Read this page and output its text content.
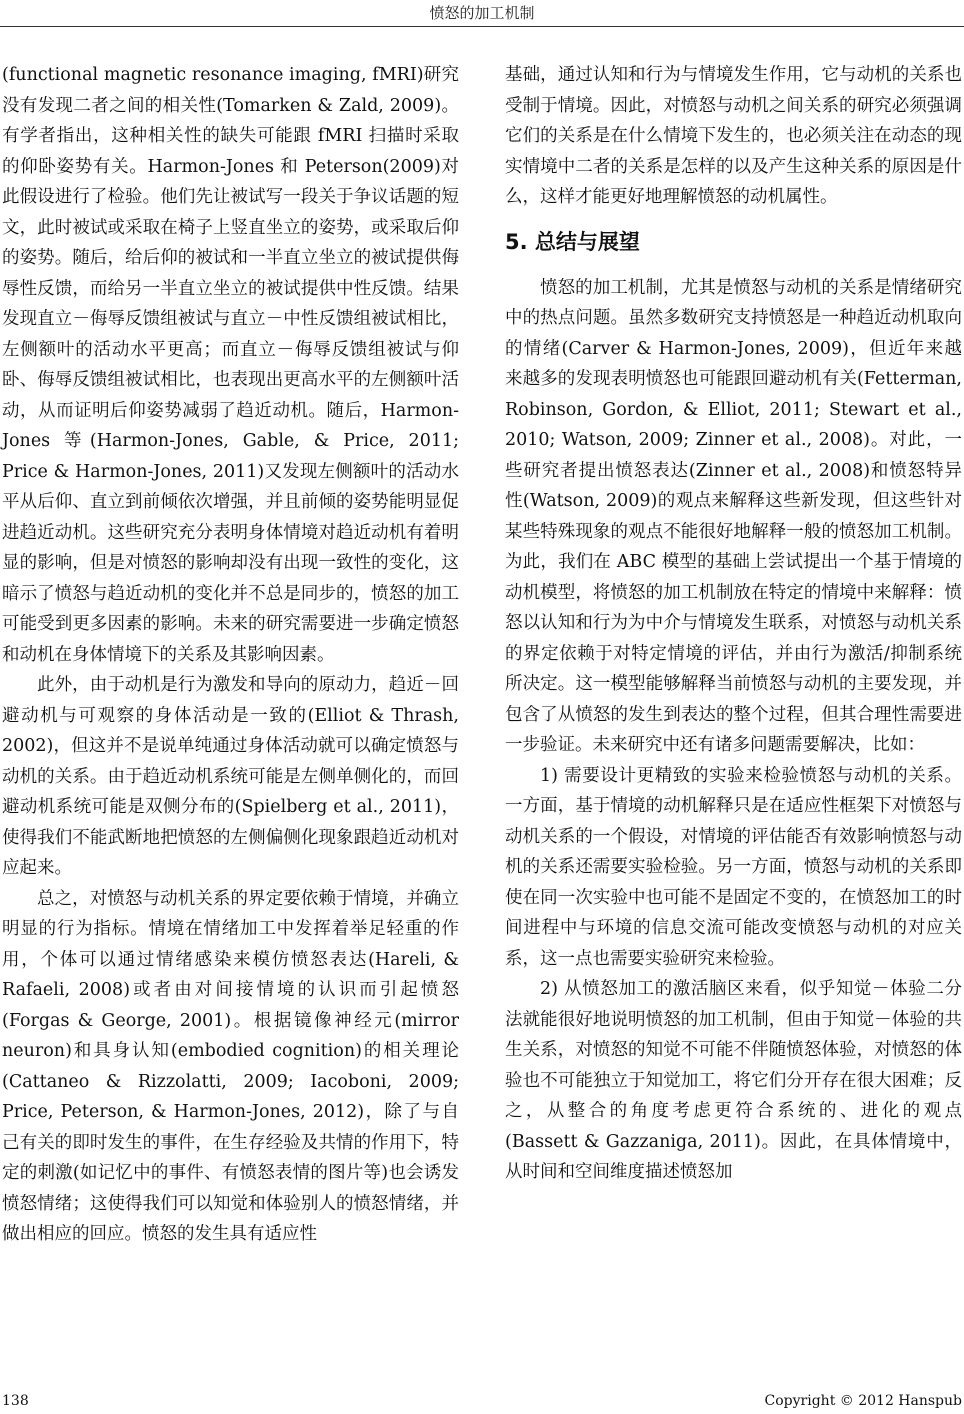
愤怒的加工机制

(functional magnetic resonance imaging, fMRI)研究没有发现二者之间的相关性(Tomarken & Zald, 2009)。有学者指出，这种相关性的缺失可能跟 fMRI 扫描时采取的仰卧姿势有关。Harmon-Jones 和 Peterson(2009)对此假设进行了检验。他们先让被试写一段关于争议话题的短文，此时被试或采取在椅子上竖直坐立的姿势，或采取后仰的姿势。随后，给后仰的被试和一半直立坐立的被试提供侮辱性反馈，而给另一半直立坐立的被试提供中性反馈。结果发现直立－侮辱反馈组被试与直立－中性反馈组被试相比，左侧额叶的活动水平更高；而直立－侮辱反馈组被试与仰卧、侮辱反馈组被试相比，也表现出更高水平的左侧额叶活动，从而证明后仰姿势减弱了趋近动机。随后，Harmon-Jones 等(Harmon-Jones, Gable, & Price, 2011; Price & Harmon-Jones, 2011)又发现左侧额叶的活动水平从后仰、直立到前倾依次增强，并且前倾的姿势能明显促进趋近动机。这些研究充分表明身体情境对趋近动机有着明显的影响，但是对愤怒的影响却没有出现一致性的变化，这暗示了愤怒与趋近动机的变化并不总是同步的，愤怒的加工可能受到更多因素的影响。未来的研究需要进一步确定愤怒和动机在身体情境下的关系及其影响因素。

此外，由于动机是行为激发和导向的原动力，趋近－回避动机与可观察的身体活动是一致的(Elliot & Thrash, 2002)，但这并不是说单纯通过身体活动就可以确定愤怒与动机的关系。由于趋近动机系统可能是左侧单侧化的，而回避动机系统可能是双侧分布的(Spielberg et al., 2011)，使得我们不能武断地把愤怒的左侧偏侧化现象跟趋近动机对应起来。

总之，对愤怒与动机关系的界定要依赖于情境，并确立明显的行为指标。情境在情绪加工中发挥着举足轻重的作用，个体可以通过情绪感染来模仿愤怒表达(Hareli, & Rafaeli, 2008)或者由对间接情境的认识而引起愤怒(Forgas & George, 2001)。根据镜像神经元(mirror neuron)和具身认知(embodied cognition)的相关理论(Cattaneo & Rizzolatti, 2009; Iacoboni, 2009; Price, Peterson, & Harmon-Jones, 2012)，除了与自己有关的即时发生的事件，在生存经验及共情的作用下，特定的刺激(如记忆中的事件、有愤怒表情的图片等)也会诱发愤怒情绪；这使得我们可以知觉和体验别人的愤怒情绪，并做出相应的回应。愤怒的发生具有适应性

基础，通过认知和行为与情境发生作用，它与动机的关系也受制于情境。因此，对愤怒与动机之间关系的研究必须强调它们的关系是在什么情境下发生的，也必须关注在动态的现实情境中二者的关系是怎样的以及产生这种关系的原因是什么，这样才能更好地理解愤怒的动机属性。

5. 总结与展望

愤怒的加工机制，尤其是愤怒与动机的关系是情绪研究中的热点问题。虽然多数研究支持愤怒是一种趋近动机取向的情绪(Carver & Harmon-Jones, 2009)，但近年来越来越多的发现表明愤怒也可能跟回避动机有关(Fetterman, Robinson, Gordon, & Elliot, 2011; Stewart et al., 2010; Watson, 2009; Zinner et al., 2008)。对此，一些研究者提出愤怒表达(Zinner et al., 2008)和愤怒特异性(Watson, 2009)的观点来解释这些新发现，但这些针对某些特殊现象的观点不能很好地解释一般的愤怒加工机制。为此，我们在 ABC 模型的基础上尝试提出一个基于情境的动机模型，将愤怒的加工机制放在特定的情境中来解释：愤怒以认知和行为为中介与情境发生联系，对愤怒与动机关系的界定依赖于对特定情境的评估，并由行为激活/抑制系统所决定。这一模型能够解释当前愤怒与动机的主要发现，并包含了从愤怒的发生到表达的整个过程，但其合理性需要进一步验证。未来研究中还有诸多问题需要解决，比如：

1) 需要设计更精致的实验来检验愤怒与动机的关系。一方面，基于情境的动机解释只是在适应性框架下对愤怒与动机关系的一个假设，对情境的评估能否有效影响愤怒与动机的关系还需要实验检验。另一方面，愤怒与动机的关系即使在同一次实验中也可能不是固定不变的，在愤怒加工的时间进程中与环境的信息交流可能改变愤怒与动机的对应关系，这一点也需要实验研究来检验。

2) 从愤怒加工的激活脑区来看，似乎知觉－体验二分法就能很好地说明愤怒的加工机制，但由于知觉－体验的共生关系，对愤怒的知觉不可能不伴随愤怒体验，对愤怒的体验也不可能独立于知觉加工，将它们分开存在很大困难；反之，从整合的角度考虑更符合系统的、进化的观点(Bassett & Gazzaniga, 2011)。因此，在具体情境中，从时间和空间维度描述愤怒加

138	Copyright © 2012 Hanspub
